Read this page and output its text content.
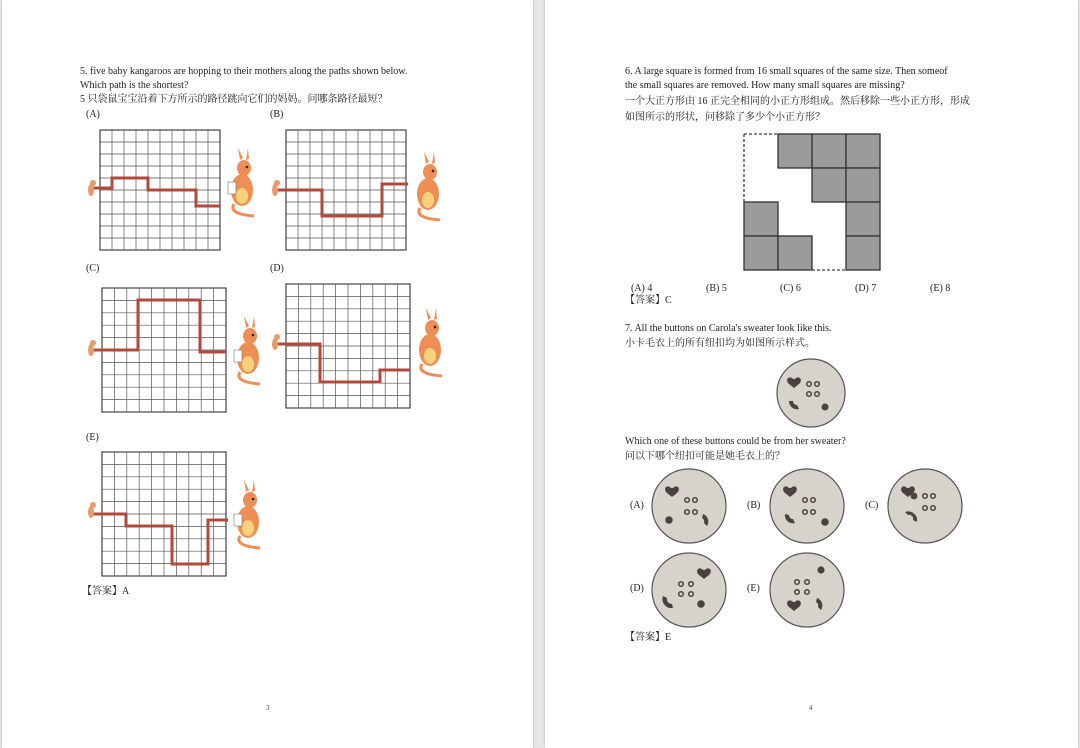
5. five baby kangaroos are hopping to their mothers along the paths shown below.
Which path is the shortest?
5 只袋鼠宝宝沿着下方所示的路径跳向它们的妈妈。问哪条路径最短？
(A)	(B)
(C)	(D)
(E)
【答案】A
3
6. A large square is formed from 16 small squares of the same size. Then someof
the small squares are removed. How many small squares are missing?
一个大正方形由 16 正完全相同的小正方形组成。然后移除一些小正方形，形成
如图所示的形状，问移除了多少个小正方形？
(A) 4	(B) 5	(C) 6	(D) 7	(E) 8
【答案】C
7. All the buttons on Carola's sweater look like this.
小卡毛衣上的所有纽扣均为如图所示样式。
Which one of these buttons could be from her sweater?
问以下哪个纽扣可能是她毛衣上的？
(A)	(B)	(C)
(D)	(E)
【答案】E
4
